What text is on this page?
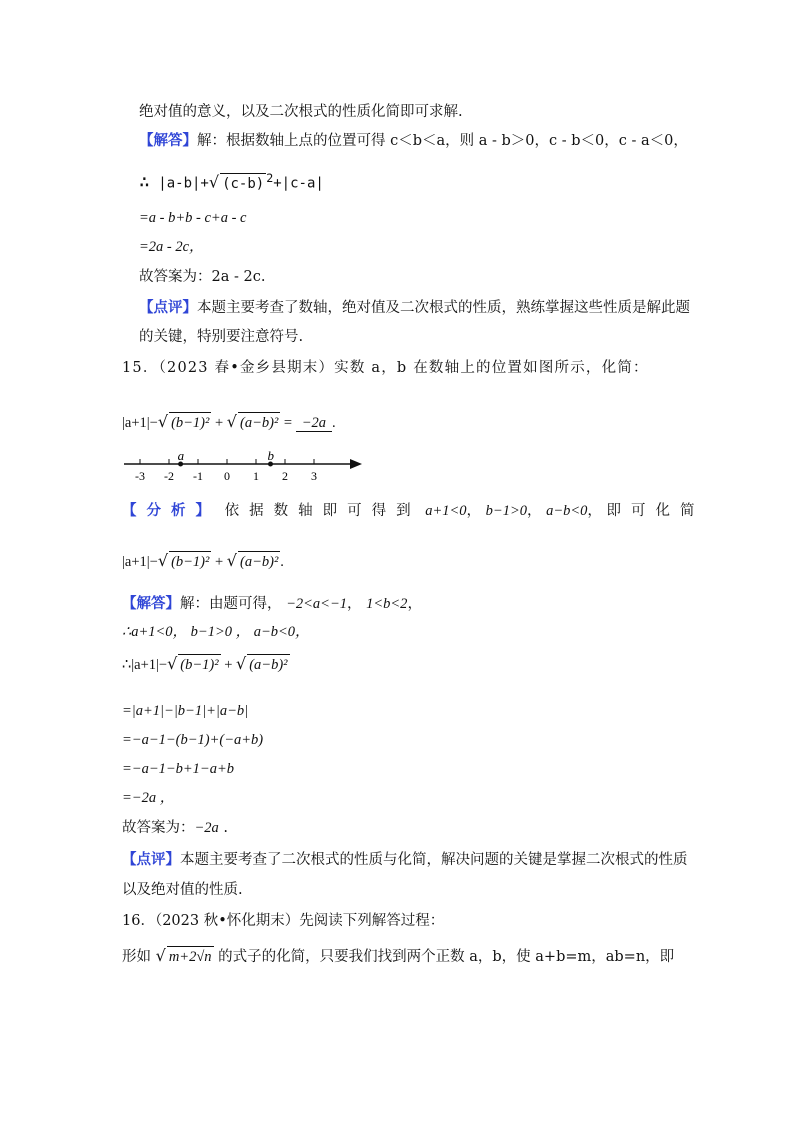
绝对值的意义，以及二次根式的性质化简即可求解.
【解答】解：根据数轴上点的位置可得 c＜b＜a，则 a - b＞0，c - b＜0，c - a＜0，
∴ |a-b|+√ (c-b) $^2$+|c-a|
=a - b+b - c+a - c
=2a - 2c，
故答案为：2a - 2c.
【点评】本题主要考查了数轴，绝对值及二次根式的性质，熟练掌握这些性质是解此题
的关键，特别要注意符号.
15．（2023 春•金乡县期末）实数 a，b 在数轴上的位置如图所示，化简：
|a+1|−√ (b−1)² + √ (a−b)² = −2a .
-3 -2 -1 0 1 2 3
a	b
【分析】 依据数轴即可得到 a+1<0， b−1>0， a−b<0， 即可化简
|a+1|−√ (b−1)² + √ (a−b)² .
【解答】解：由题可得， −2<a<−1， 1<b<2，
∴a+1<0， b−1>0 ， a−b<0，
∴|a+1|−√ (b−1)² + √ (a−b)²
=|a+1|−|b−1|+|a−b|
=−a−1−(b−1)+(−a+b)
=−a−1−b+1−a+b
=−2a ，
故答案为：−2a .
【点评】本题主要考查了二次根式的性质与化简，解决问题的关键是掌握二次根式的性质
以及绝对值的性质.
16．（2023 秋•怀化期末）先阅读下列解答过程：
形如 √ m+2√n 的式子的化简，只要我们找到两个正数 a，b，使 a+b=m，ab=n，即
